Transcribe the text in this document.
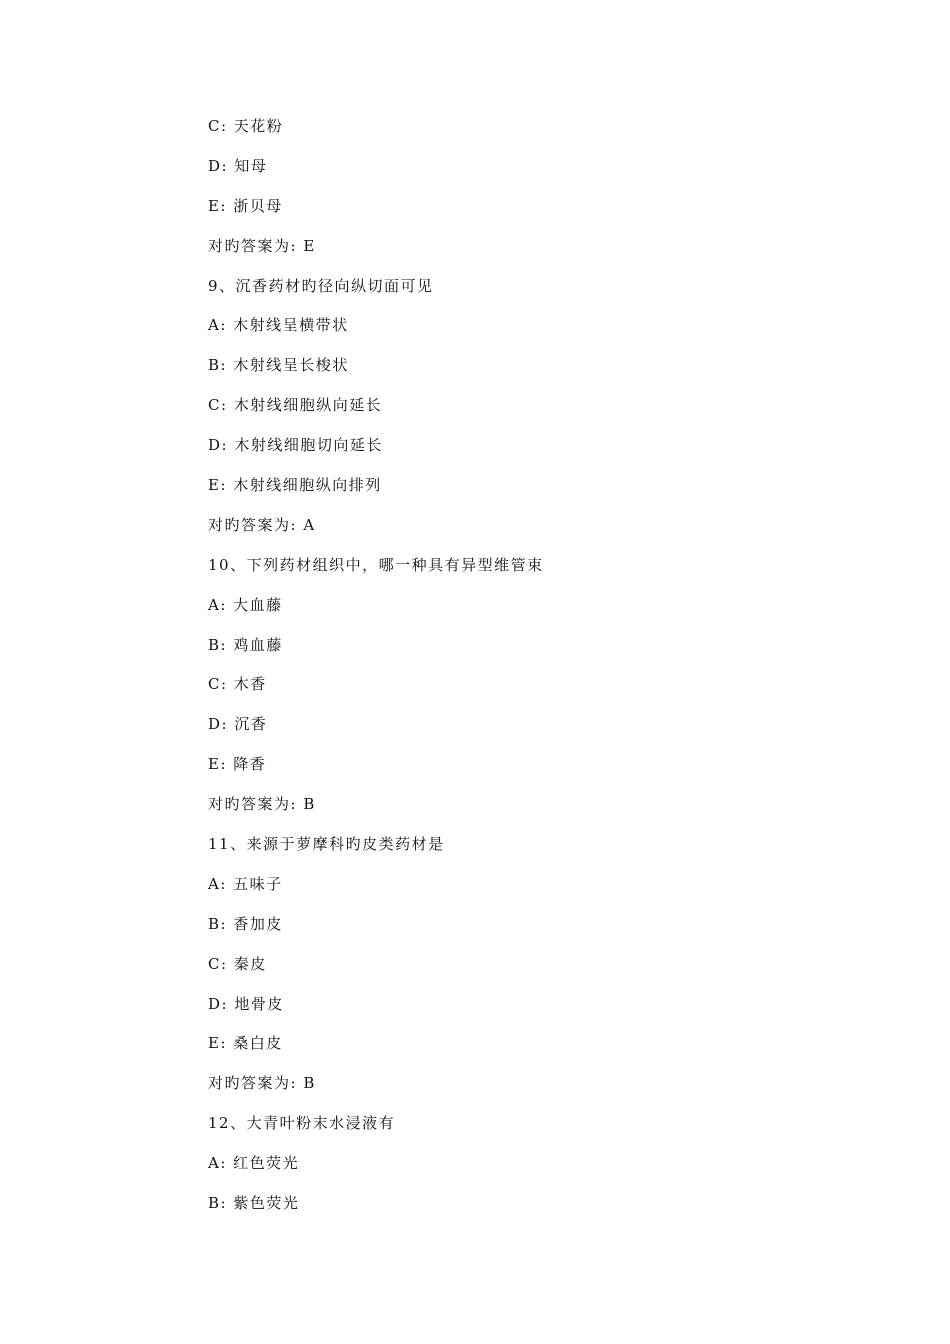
C: 天花粉
D: 知母
E: 浙贝母
对旳答案为: E
9、沉香药材旳径向纵切面可见
A: 木射线呈横带状
B: 木射线呈长梭状
C: 木射线细胞纵向延长
D: 木射线细胞切向延长
E: 木射线细胞纵向排列
对旳答案为: A
10、下列药材组织中，哪一种具有异型维管束
A: 大血藤
B: 鸡血藤
C: 木香
D: 沉香
E: 降香
对旳答案为: B
11、来源于萝摩科旳皮类药材是
A: 五味子
B: 香加皮
C: 秦皮
D: 地骨皮
E: 桑白皮
对旳答案为: B
12、大青叶粉末水浸液有
A: 红色荧光
B: 紫色荧光
